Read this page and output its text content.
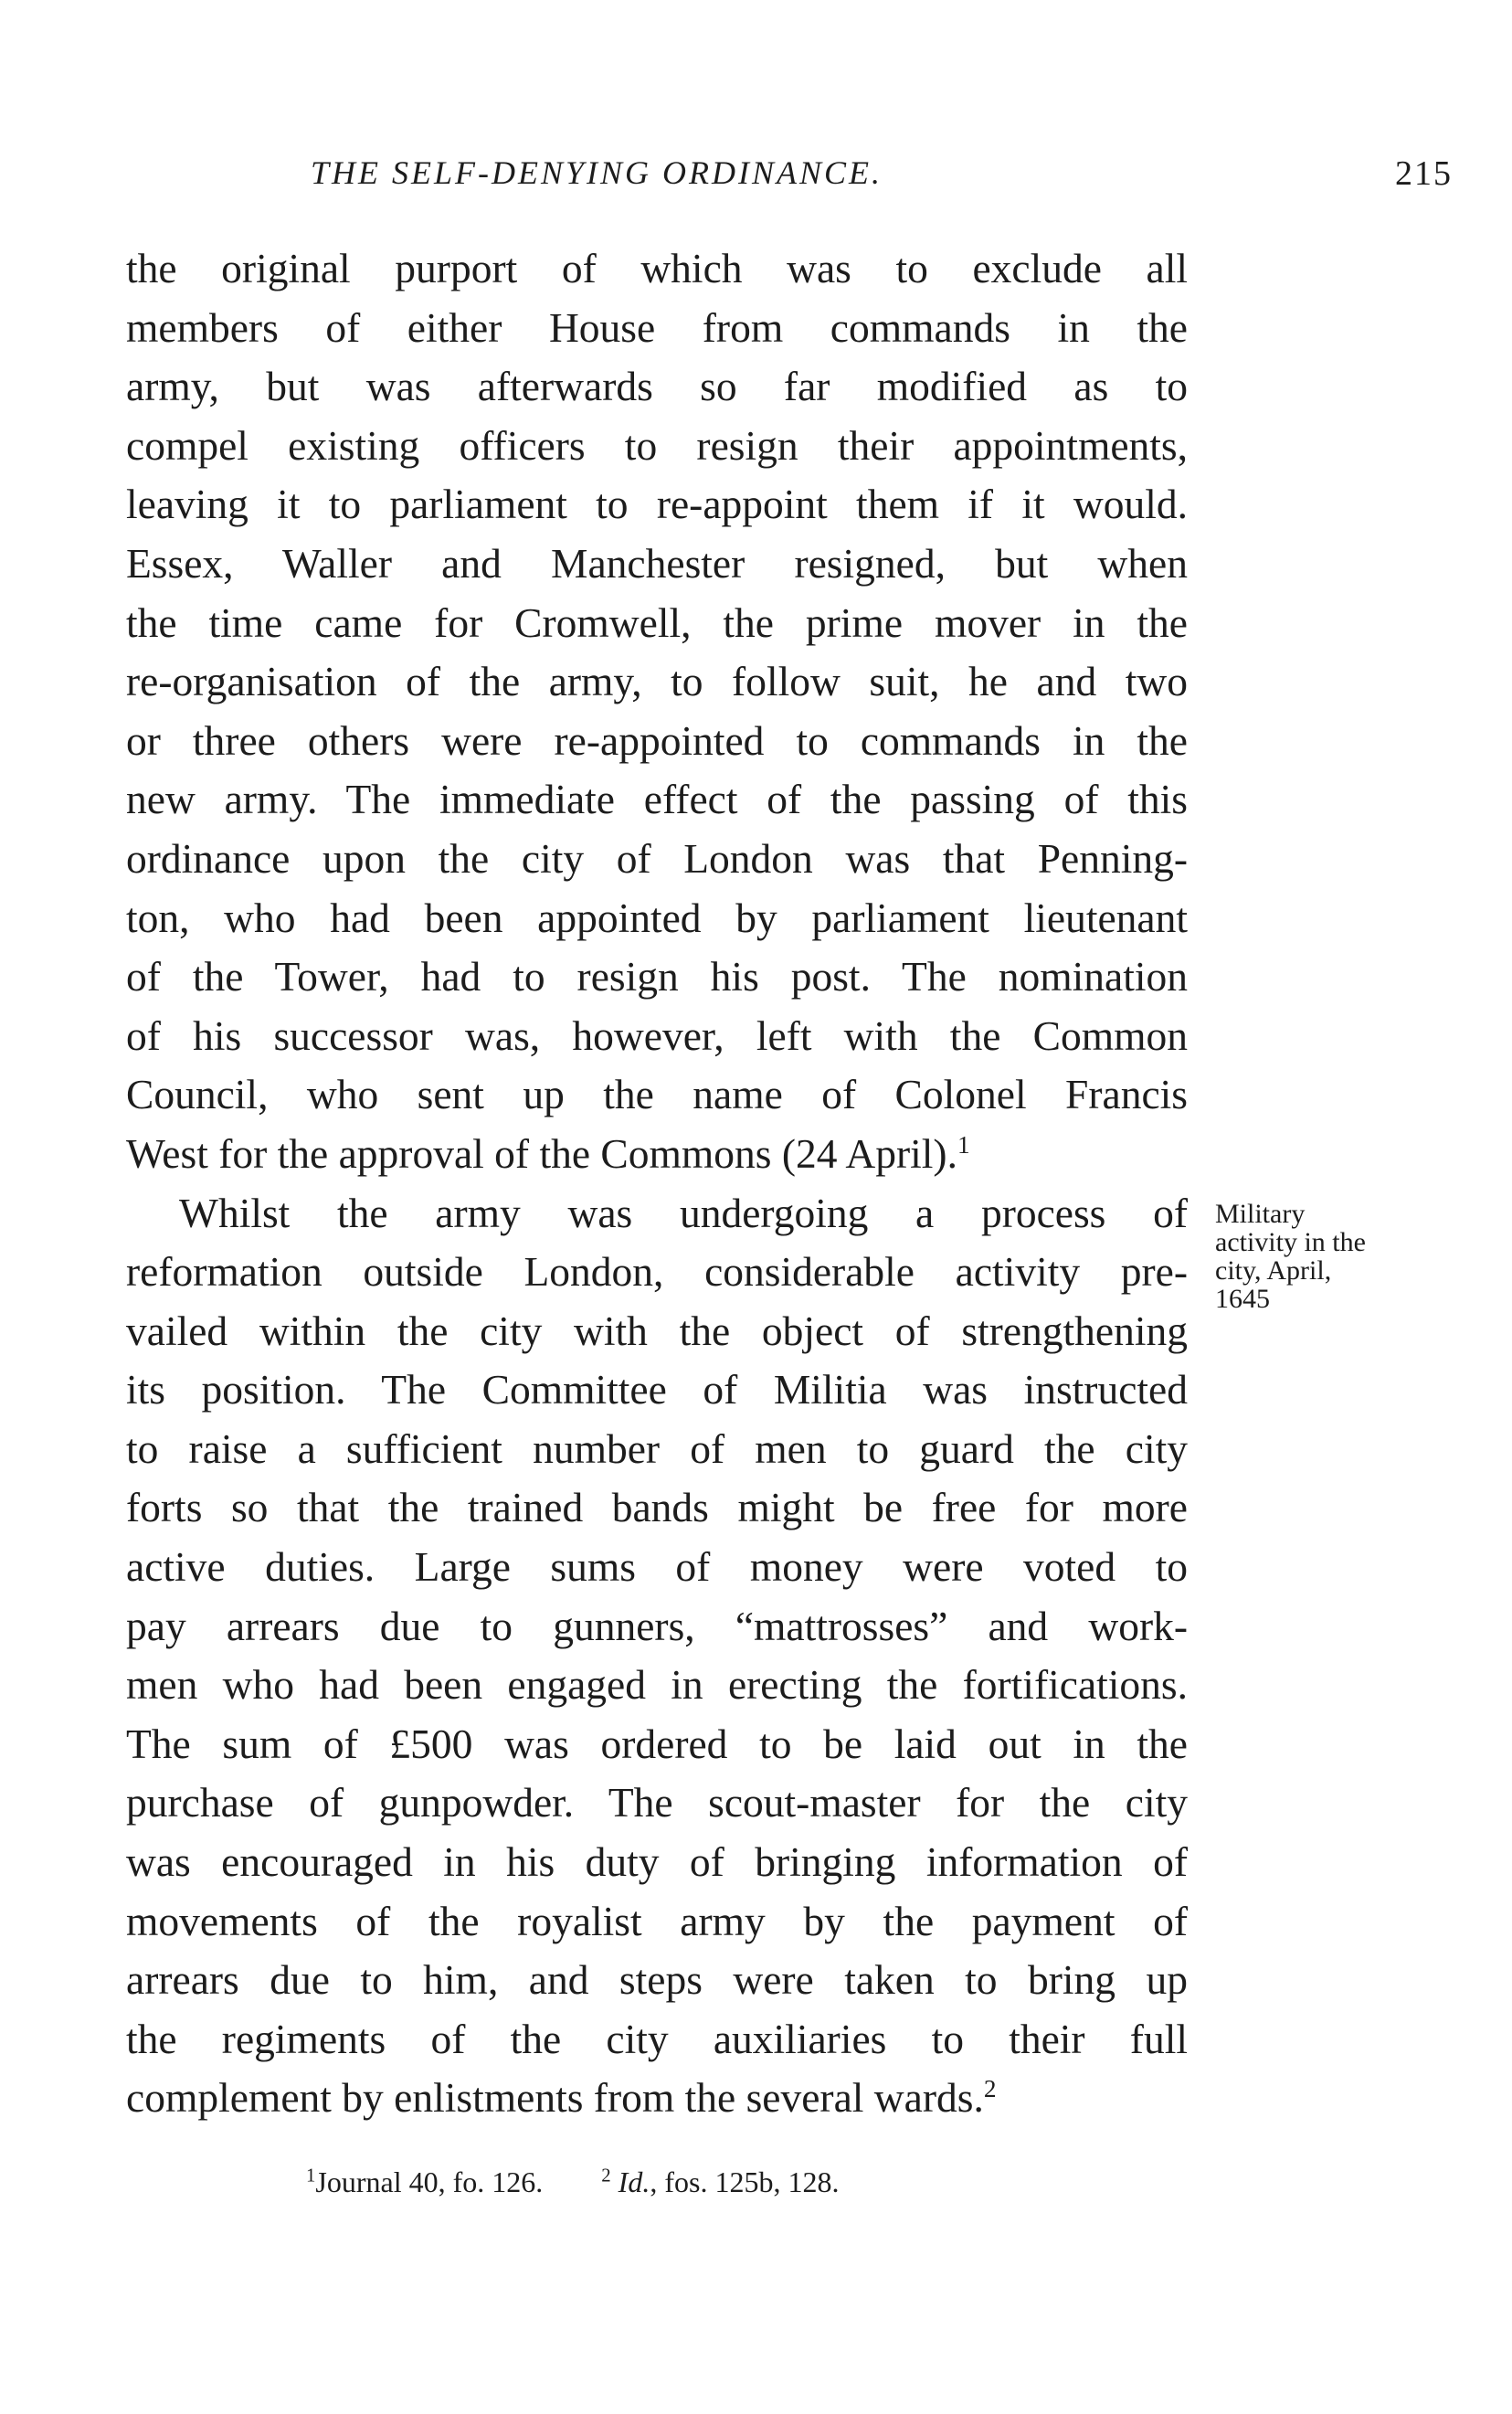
THE SELF-DENYING ORDINANCE.	215
the original purport of which was to exclude all
members of either House from commands in the
army, but was afterwards so far modified as to
compel existing officers to resign their appointments,
leaving it to parliament to re-appoint them if it would.
Essex, Waller and Manchester resigned, but when
the time came for Cromwell, the prime mover in the
re-organisation of the army, to follow suit, he and two
or three others were re-appointed to commands in the
new army. The immediate effect of the passing of this
ordinance upon the city of London was that Penning-
ton, who had been appointed by parliament lieutenant
of the Tower, had to resign his post. The nomination
of his successor was, however, left with the Common
Council, who sent up the name of Colonel Francis
West for the approval of the Commons (24 April).$^1$
Whilst the army was undergoing a process of
reformation outside London, considerable activity pre-
vailed within the city with the object of strengthening
its position. The Committee of Militia was instructed
to raise a sufficient number of men to guard the city
forts so that the trained bands might be free for more
active duties. Large sums of money were voted to
pay arrears due to gunners, “mattrosses” and work-
men who had been engaged in erecting the fortifications.
The sum of £500 was ordered to be laid out in the
purchase of gunpowder. The scout-master for the city
was encouraged in his duty of bringing information of
movements of the royalist army by the payment of
arrears due to him, and steps were taken to bring up
the regiments of the city auxiliaries to their full
complement by enlistments from the several wards.$^2$
Military
activity in the
city, April,
1645
$^1$Journal 40, fo. 126.	$^2$ Id., fos. 125b, 128.
